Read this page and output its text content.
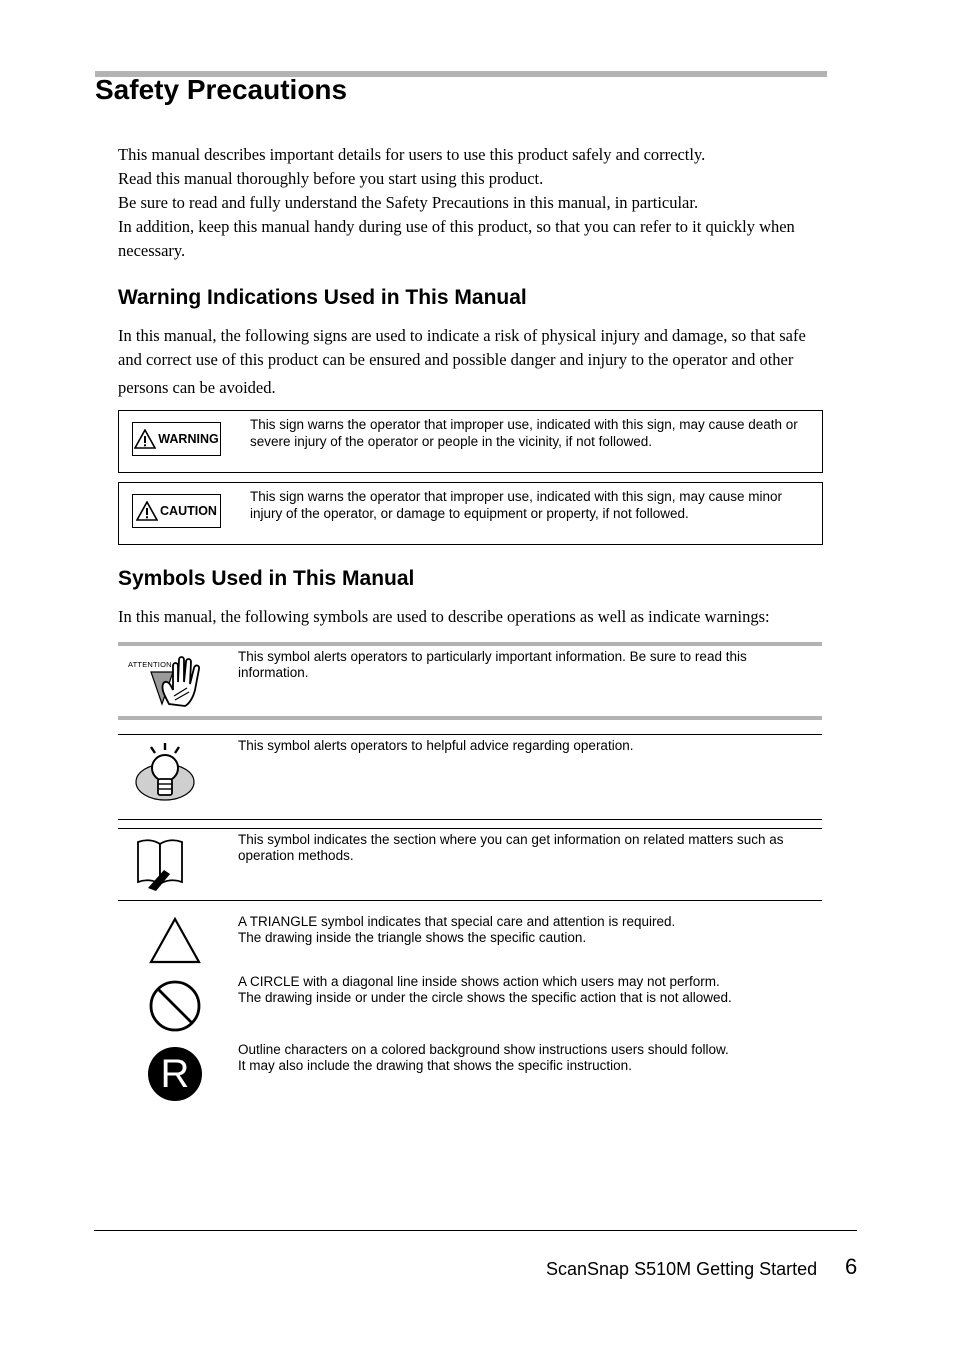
Safety Precautions
This manual describes important details for users to use this product safely and correctly.
Read this manual thoroughly before you start using this product.
Be sure to read and fully understand the Safety Precautions in this manual, in particular.
In addition, keep this manual handy during use of this product, so that you can refer to it quickly when
necessary.
Warning Indications Used in This Manual
In this manual, the following signs are used to indicate a risk of physical injury and damage, so that safe
and correct use of this product can be ensured and possible danger and injury to the operator and other
persons can be avoided.
WARNING
This sign warns the operator that improper use, indicated with this sign, may cause death or severe injury of the operator or people in the vicinity, if not followed.
CAUTION
This sign warns the operator that improper use, indicated with this sign, may cause minor injury of the operator, or damage to equipment or property, if not followed.
Symbols Used in This Manual
In this manual, the following symbols are used to describe operations as well as indicate warnings:
ATTENTION
This symbol alerts operators to particularly important information. Be sure to read this
information.
This symbol alerts operators to helpful advice regarding operation.
This symbol indicates the section where you can get information on related matters such as
operation methods.
A TRIANGLE symbol indicates that special care and attention is required.
The drawing inside the triangle shows the specific caution.
A CIRCLE with a diagonal line inside shows action which users may not perform.
The drawing inside or under the circle shows the specific action that is not allowed.
R
Outline characters on a colored background show instructions users should follow.
It may also include the drawing that shows the specific instruction.
ScanSnap S510M Getting Started 6
